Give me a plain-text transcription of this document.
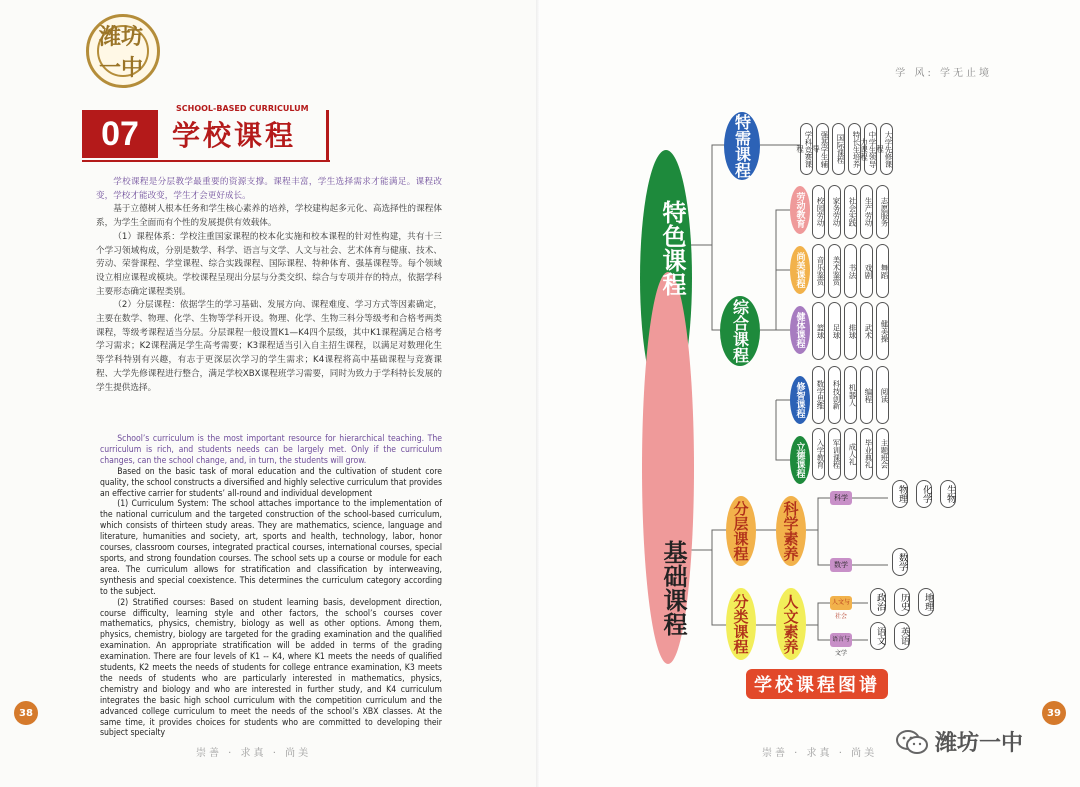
潍坊一中
07
SCHOOL-BASED CURRICULUM
学校课程

学校课程是分层教学最重要的资源支撑。课程丰富，学生选择需求才能满足。课程改变，学校才能改变，学生才会更好成长。

基于立德树人根本任务和学生核心素养的培养，学校建构起多元化、高选择性的课程体系，为学生全面而有个性的发展提供有效载体。

（1）课程体系：学校注重国家课程的校本化实施和校本课程的针对性构建，共有十三个学习领域构成，分别是数学、科学、语言与文学、人文与社会、艺术体育与健康、技术、劳动、荣誉课程、学堂课程、综合实践课程、国际课程、特种体育、强基课程等。每个领域设立相应课程或模块。学校课程呈现出分层与分类交织、综合与专项并存的特点，依据学科主要形态确定课程类别。

（2）分层课程：依据学生的学习基础、发展方向、课程难度、学习方式等因素确定，主要在数学、物理、化学、生物等学科开设。物理、化学、生物三科分等级考和合格考两类课程，等级考课程适当分层。分层课程一般设置K1—K4四个层级，其中K1课程满足合格考学习需求；K2课程满足学生高考需要；K3课程适当引入自主招生课程，以满足对数理化生等学科特别有兴趣，有志于更深层次学习的学生需求；K4课程将高中基础课程与竞赛课程、大学先修课程进行整合，满足学校XBX课程班学习需要，同时为致力于学科特长发展的学生提供选择。

School’s curriculum is the most important resource for hierarchical teaching. The curriculum is rich, and students needs can be largely met. Only if the curriculum changes, can the school change, and, in turn, the students will grow.

Based on the basic task of moral education and the cultivation of student core quality, the school constructs a diversified and highly selective curriculum that provides an effective carrier for students’ all-round and individual development

(1) Curriculum System: The school attaches importance to the implementation of the national curriculum and the targeted construction of the school-based curriculum, which consists of thirteen study areas. They are mathematics, science, language and literature, humanities and society, art, sports and health, technology, labor, honor courses, classroom courses, integrated practical courses, international courses, special sports, and strong foundation courses. The school sets up a course or module for each area. The curriculum allows for stratification and classification by interweaving, synthesis and special coexistence. This determines the curriculum category according to the subject.

(2) Stratified courses: Based on student learning basis, development direction, course difficulty, learning style and other factors, the school’s courses cover mathematics, physics, chemistry, biology as well as other options. Among them, physics, chemistry, biology are targeted for the grading examination and the qualified examination. An appropriate stratification will be added in terms of the grading examination. There are four levels of K1 -- K4, where K1 meets the needs of qualified students, K2 meets the needs of students for college entrance examination, K3 meets the needs of students who are particularly interested in mathematics, physics, chemistry and biology and who are interested in further study, and K4 curriculum integrates the basic high school curriculum with the competition curriculum and the advanced college curriculum to meet the needs of the school’s XBX classes. At the same time, it provides choices for students who are committed to developing their subject specialty

38
崇善 · 求真 · 尚美
学 风: 学无止境
39
崇善 · 求真 · 尚美
特色课程
基础课程
特需课程
综合课程
分层课程
分类课程
劳动教育
尚美课程
健体课程
修智课程
立德课程
科学素养
人文素养
科学
数学
人文与社会
语言与文学
学科竞赛课程	强基学生辅导	国际课程 特长生培养 中学生领导力课程	大学先修课程
校园劳动 家务劳动 社会实践 生产劳动 志愿服务
音乐鉴赏 美术鉴赏 书法 戏剧 舞蹈
篮球 足球 排球 武术 健美操
数学思维 科技创新 机器人 编程 阅读
入学教育 军训课程 成人礼 毕业典礼 主题班会
物理	化学	生物
数学
政治	历史	地理
语文	英语
学校课程图谱
潍坊一中
